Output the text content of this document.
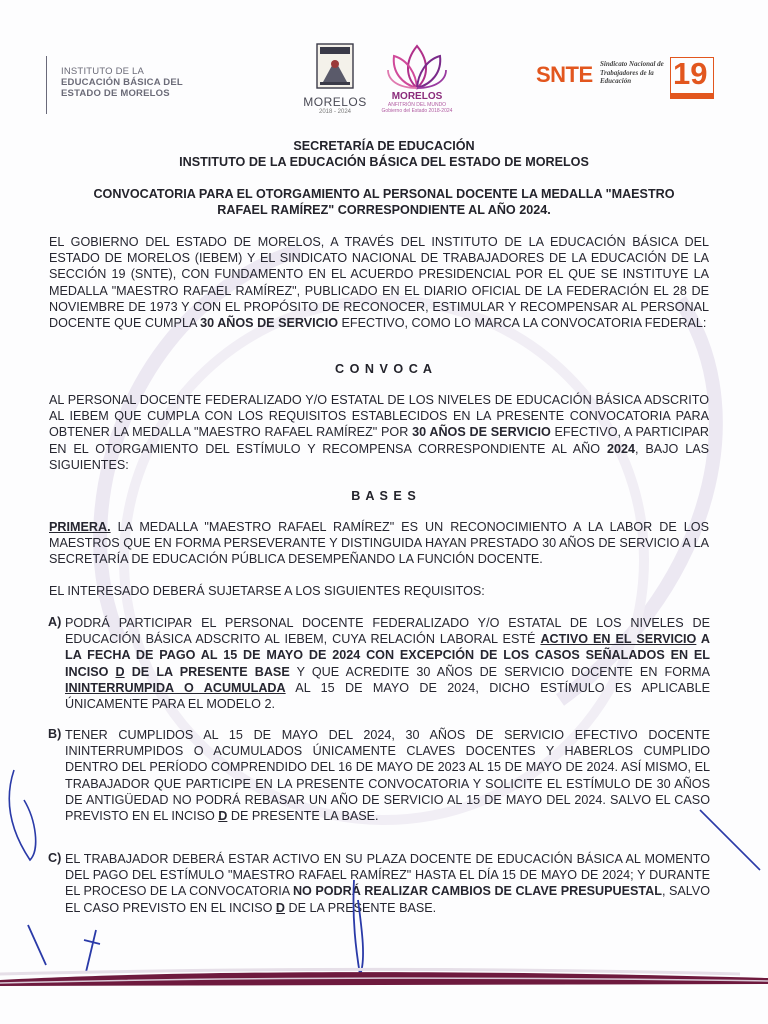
INSTITUTO DE LA
EDUCACIÓN BÁSICA DEL
ESTADO DE MORELOS
MORELOS
2018 - 2024
MORELOS
ANFITRIÓN DEL MUNDO
Gobierno del Estado 2018-2024
SNTE Sindicato Nacional de Trabajadores de la Educación	19
SECRETARÍA DE EDUCACIÓN
INSTITUTO DE LA EDUCACIÓN BÁSICA DEL ESTADO DE MORELOS
CONVOCATORIA PARA EL OTORGAMIENTO AL PERSONAL DOCENTE LA MEDALLA "MAESTRO
RAFAEL RAMÍREZ" CORRESPONDIENTE AL AÑO 2024.
EL GOBIERNO DEL ESTADO DE MORELOS, A TRAVÉS DEL INSTITUTO DE LA EDUCACIÓN BÁSICA DEL ESTADO DE MORELOS (IEBEM) Y EL SINDICATO NACIONAL DE TRABAJADORES DE LA EDUCACIÓN DE LA SECCIÓN 19 (SNTE), CON FUNDAMENTO EN EL ACUERDO PRESIDENCIAL POR EL QUE SE INSTITUYE LA MEDALLA "MAESTRO RAFAEL RAMÍREZ", PUBLICADO EN EL DIARIO OFICIAL DE LA FEDERACIÓN EL 28 DE NOVIEMBRE DE 1973 Y CON EL PROPÓSITO DE RECONOCER, ESTIMULAR Y RECOMPENSAR AL PERSONAL DOCENTE QUE CUMPLA 30 AÑOS DE SERVICIO EFECTIVO, COMO LO MARCA LA CONVOCATORIA FEDERAL:
C O N V O C A
AL PERSONAL DOCENTE FEDERALIZADO Y/O ESTATAL DE LOS NIVELES DE EDUCACIÓN BÁSICA ADSCRITO AL IEBEM QUE CUMPLA CON LOS REQUISITOS ESTABLECIDOS EN LA PRESENTE CONVOCATORIA PARA OBTENER LA MEDALLA "MAESTRO RAFAEL RAMÍREZ" POR 30 AÑOS DE SERVICIO EFECTIVO, A PARTICIPAR EN EL OTORGAMIENTO DEL ESTÍMULO Y RECOMPENSA CORRESPONDIENTE AL AÑO 2024, BAJO LAS SIGUIENTES:
B A S E S
PRIMERA. LA MEDALLA "MAESTRO RAFAEL RAMÍREZ" ES UN RECONOCIMIENTO A LA LABOR DE LOS MAESTROS QUE EN FORMA PERSEVERANTE Y DISTINGUIDA HAYAN PRESTADO 30 AÑOS DE SERVICIO A LA SECRETARÍA DE EDUCACIÓN PÚBLICA DESEMPEÑANDO LA FUNCIÓN DOCENTE.
EL INTERESADO DEBERÁ SUJETARSE A LOS SIGUIENTES REQUISITOS:
A) PODRÁ PARTICIPAR EL PERSONAL DOCENTE FEDERALIZADO Y/O ESTATAL DE LOS NIVELES DE EDUCACIÓN BÁSICA ADSCRITO AL IEBEM, CUYA RELACIÓN LABORAL ESTÉ ACTIVO EN EL SERVICIO A LA FECHA DE PAGO AL 15 DE MAYO DE 2024 CON EXCEPCIÓN DE LOS CASOS SEÑALADOS EN EL INCISO D DE LA PRESENTE BASE Y QUE ACREDITE 30 AÑOS DE SERVICIO DOCENTE EN FORMA ININTERRUMPIDA O ACUMULADA AL 15 DE MAYO DE 2024, DICHO ESTÍMULO ES APLICABLE ÚNICAMENTE PARA EL MODELO 2.
B) TENER CUMPLIDOS AL 15 DE MAYO DEL 2024, 30 AÑOS DE SERVICIO EFECTIVO DOCENTE ININTERRUMPIDOS O ACUMULADOS ÚNICAMENTE CLAVES DOCENTES Y HABERLOS CUMPLIDO DENTRO DEL PERÍODO COMPRENDIDO DEL 16 DE MAYO DE 2023 AL 15 DE MAYO DE 2024. ASÍ MISMO, EL TRABAJADOR QUE PARTICIPE EN LA PRESENTE CONVOCATORIA Y SOLICITE EL ESTÍMULO DE 30 AÑOS DE ANTIGÜEDAD NO PODRÁ REBASAR UN AÑO DE SERVICIO AL 15 DE MAYO DEL 2024. SALVO EL CASO PREVISTO EN EL INCISO D DE PRESENTE LA BASE.
C) EL TRABAJADOR DEBERÁ ESTAR ACTIVO EN SU PLAZA DOCENTE DE EDUCACIÓN BÁSICA AL MOMENTO DEL PAGO DEL ESTÍMULO "MAESTRO RAFAEL RAMÍREZ" HASTA EL DÍA 15 DE MAYO DE 2024; Y DURANTE EL PROCESO DE LA CONVOCATORIA NO PODRÁ REALIZAR CAMBIOS DE CLAVE PRESUPUESTAL, SALVO EL CASO PREVISTO EN EL INCISO D DE LA PRESENTE BASE.
